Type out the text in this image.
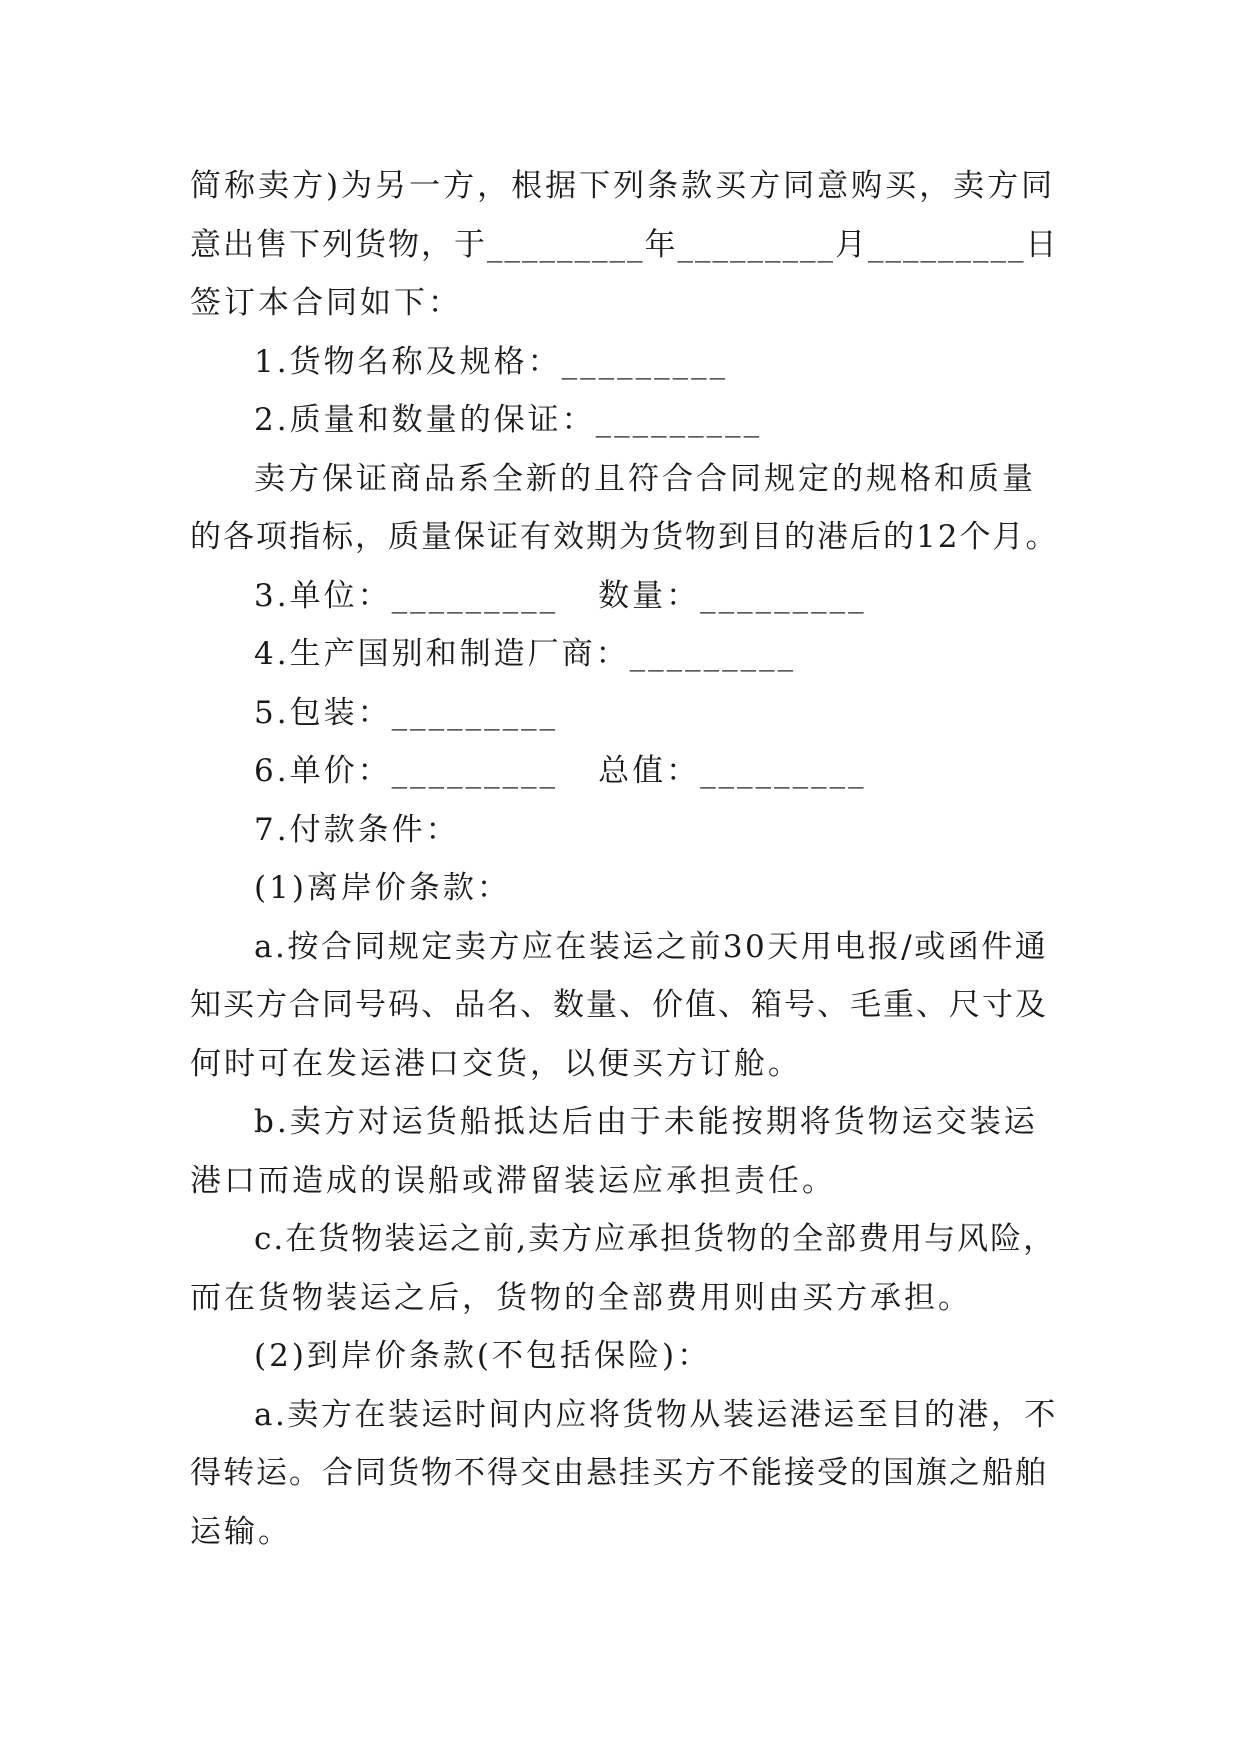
简称卖方)为另一方，根据下列条款买方同意购买，卖方同
意出售下列货物，于_________年_________月_________日
签订本合同如下：
1.货物名称及规格：_________
2.质量和数量的保证：_________
卖方保证商品系全新的且符合合同规定的规格和质量
的各项指标，质量保证有效期为货物到目的港后的12个月。
3.单位：_________ 数量：_________
4.生产国别和制造厂商：_________
5.包装：_________
6.单价：_________ 总值：_________
7.付款条件：
(1)离岸价条款：
a.按合同规定卖方应在装运之前30天用电报/或函件通
知买方合同号码、品名、数量、价值、箱号、毛重、尺寸及
何时可在发运港口交货，以便买方订舱。
b.卖方对运货船抵达后由于未能按期将货物运交装运
港口而造成的误船或滞留装运应承担责任。
c.在货物装运之前,卖方应承担货物的全部费用与风险，
而在货物装运之后，货物的全部费用则由买方承担。
(2)到岸价条款(不包括保险)：
a.卖方在装运时间内应将货物从装运港运至目的港，不
得转运。合同货物不得交由悬挂买方不能接受的国旗之船舶
运输。
